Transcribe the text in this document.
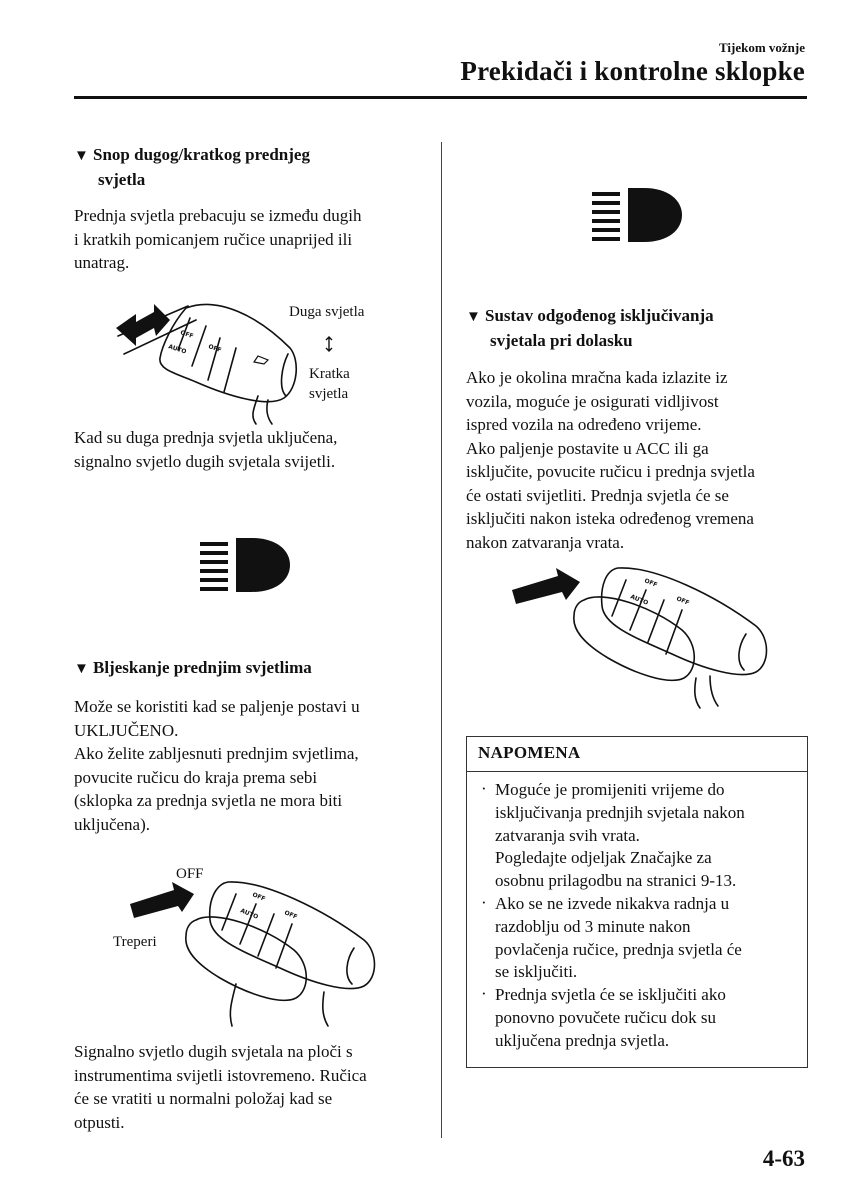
Tijekom vožnje
Prekidači i kontrolne sklopke
▼ Snop dugog/kratkog prednjeg
svjetla
Prednja svjetla prebacuju se između dugih
i kratkih pomicanjem ručice unaprijed ili
unatrag.
OFF
AUTO	OFF
Duga svjetla
Kratka
svjetla
Kad su duga prednja svjetla uključena,
signalno svjetlo dugih svjetala svijetli.
▼ Bljeskanje prednjim svjetlima
Može se koristiti kad se paljenje postavi u
UKLJUČENO.
Ako želite zabljesnuti prednjim svjetlima,
povucite ručicu do kraja prema sebi
(sklopka za prednja svjetla ne mora biti
uključena).
OFF
AUTO	OFF
OFF
Treperi
Signalno svjetlo dugih svjetala na ploči s
instrumentima svijetli istovremeno. Ručica
će se vratiti u normalni položaj kad se
otpusti.
▼ Sustav odgođenog isključivanja
svjetala pri dolasku
Ako je okolina mračna kada izlazite iz
vozila, moguće je osigurati vidljivost
ispred vozila na određeno vrijeme.
Ako paljenje postavite u ACC ili ga
isključite, povucite ručicu i prednja svjetla
će ostati svijetliti. Prednja svjetla će se
isključiti nakon isteka određenog vremena
nakon zatvaranja vrata.
OFF
AUTO	OFF
NAPOMENA
· Moguće je promijeniti vrijeme do
isključivanja prednjih svjetala nakon
zatvaranja svih vrata.
Pogledajte odjeljak Značajke za
osobnu prilagodbu na stranici 9-13.
· Ako se ne izvede nikakva radnja u
razdoblju od 3 minute nakon
povlačenja ručice, prednja svjetla će
se isključiti.
· Prednja svjetla će se isključiti ako
ponovno povučete ručicu dok su
uključena prednja svjetla.
4-63
